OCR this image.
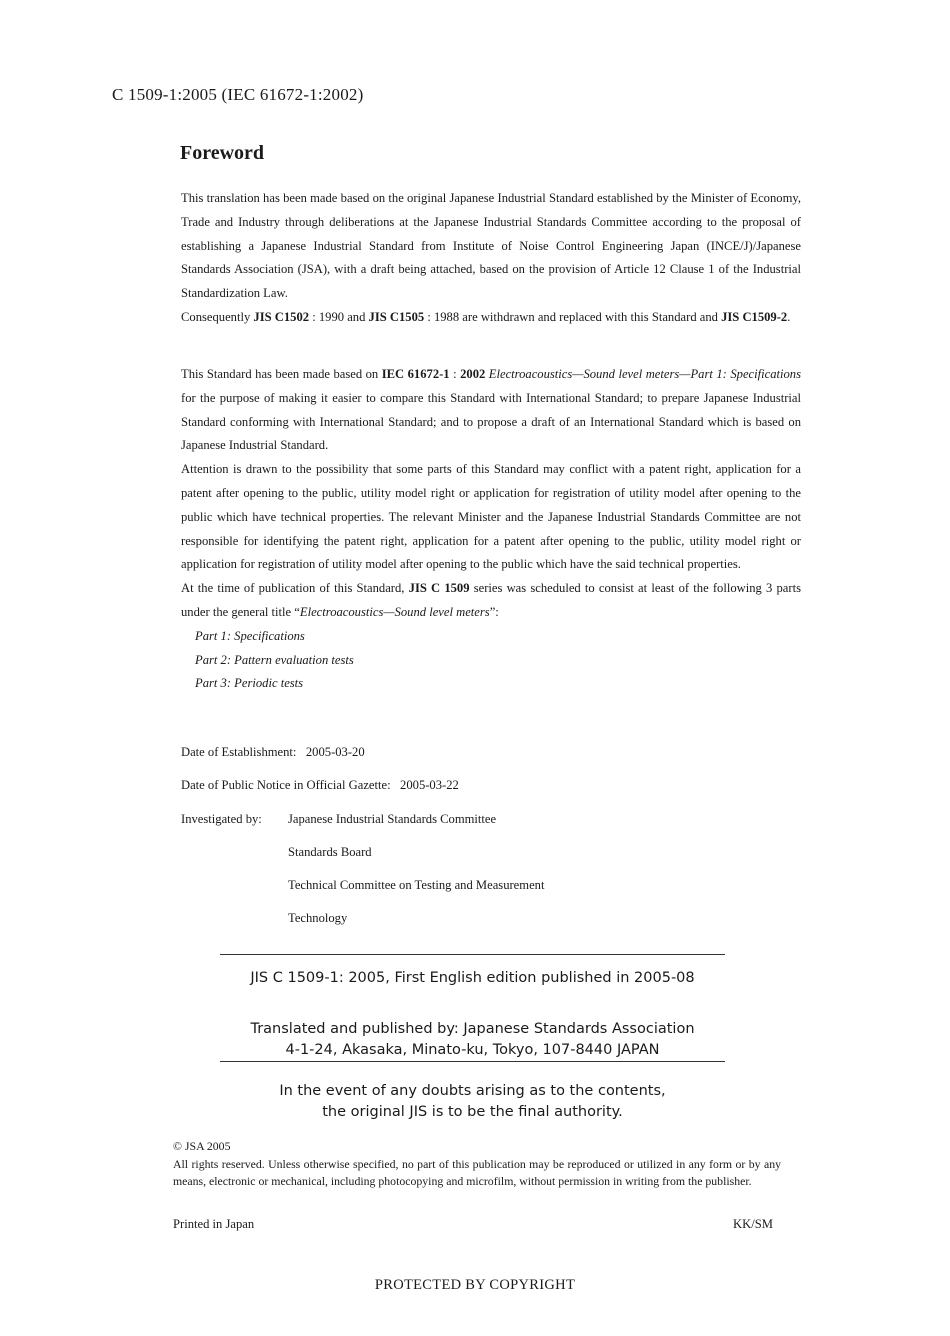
C 1509-1:2005 (IEC 61672-1:2002)
Foreword

This translation has been made based on the original Japanese Industrial Standard established by the Minister of Economy, Trade and Industry through deliberations at the Japanese Industrial Standards Committee according to the proposal of establishing a Japanese Industrial Standard from Institute of Noise Control Engineering Japan (INCE/J)/Japanese Standards Association (JSA), with a draft being attached, based on the provision of Article 12 Clause 1 of the Industrial Standardization Law.
Consequently JIS C1502 : 1990 and JIS C1505 : 1988 are withdrawn and replaced with this Standard and JIS C1509-2.

This Standard has been made based on IEC 61672-1 : 2002 Electroacoustics—Sound level meters—Part 1: Specifications for the purpose of making it easier to compare this Standard with International Standard; to prepare Japanese Industrial Standard conforming with International Standard; and to propose a draft of an International Standard which is based on Japanese Industrial Standard.
Attention is drawn to the possibility that some parts of this Standard may conflict with a patent right, application for a patent after opening to the public, utility model right or application for registration of utility model after opening to the public which have technical properties. The relevant Minister and the Japanese Industrial Standards Committee are not responsible for identifying the patent right, application for a patent after opening to the public, utility model right or application for registration of utility model after opening to the public which have the said technical properties.
At the time of publication of this Standard, JIS C 1509 series was scheduled to consist at least of the following 3 parts under the general title “Electroacoustics—Sound level meters”:

Part 1: Specifications
Part 2: Pattern evaluation tests
Part 3: Periodic tests
Date of Establishment: 2005-03-20
Date of Public Notice in Official Gazette: 2005-03-22
Investigated by: Japanese Industrial Standards Committee
Standards Board
Technical Committee on Testing and Measurement
Technology
JIS C 1509-1: 2005, First English edition published in 2005-08
Translated and published by: Japanese Standards Association
4-1-24, Akasaka, Minato-ku, Tokyo, 107-8440 JAPAN
In the event of any doubts arising as to the contents,
the original JIS is to be the final authority.
© JSA 2005
All rights reserved. Unless otherwise specified, no part of this publication may be reproduced or utilized in any form or by any means, electronic or mechanical, including photocopying and microfilm, without permission in writing from the publisher.
Printed in Japan	KK/SM
PROTECTED BY COPYRIGHT
